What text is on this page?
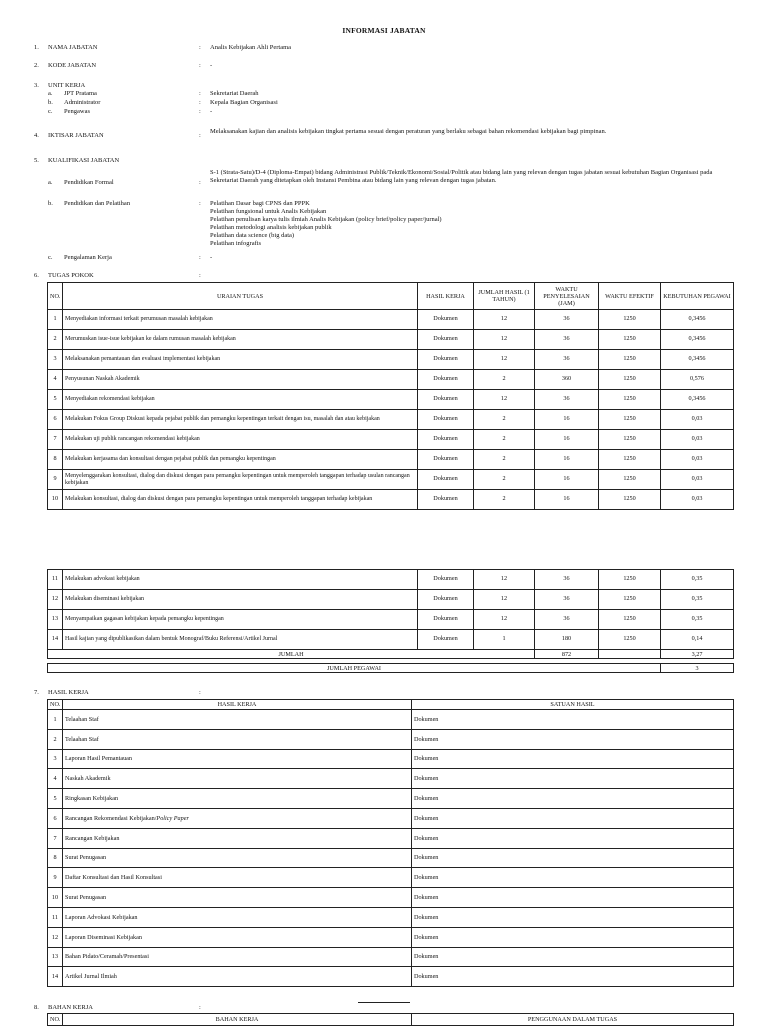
INFORMASI JABATAN
1. NAMA JABATAN	: Analis Kebijakan Ahli Pertama
2. KODE JABATAN	: -
3. UNIT KERJA
a. JPT Pratama	: Sekretariat Daerah
b. Administrator	: Kepala Bagian Organisasi
c. Pengawas	: -
4. IKTISAR JABATAN	:
Melaksanakan kajian dan analisis kebijakan tingkat pertama sesuai dengan peraturan yang berlaku sebagai bahan rekomendasi kebijakan bagi pimpinan.
5. KUALIFIKASI JABATAN
a. Pendidikan Formal	:
S-1 (Strata-Satu)/D-4 (Diploma-Empat) bidang Administrasi Publik/Teknik/Ekonomi/Sosial/Politik atau bidang lain yang relevan dengan tugas jabatan sesuai kebutuhan Bagian Organisasi pada Sekretariat Daerah yang ditetapkan oleh Instansi Pembina atau bidang lain yang relevan dengan tugas jabatan.
b. Pendidikan dan Pelatihan	: Pelatihan Dasar bagi CPNS dan PPPK
Pelatihan fungsional untuk Analis Kebijakan
Pelatihan penulisan karya tulis ilmiah Analis Kebijakan (policy brief/policy paper/jurnal)
Pelatihan metodologi analisis kebijakan publik
Pelatihan data science (big data)
Pelatihan infografis
c. Pengalaman Kerja	: -
6. TUGAS POKOK	:
NO.	URAIAN TUGAS	HASIL KERJA	JUMLAH HASIL (1 TAHUN)	WAKTU PENYELESAIAN (JAM)	WAKTU EFEKTIF	KEBUTUHAN PEGAWAI
1	Menyediakan informasi terkait perumusan masalah kebijakan	Dokumen	12	36	1250	0,3456
2	Merumuskan isue-isue kebijakan ke dalam rumusan masalah kebijakan	Dokumen	12	36	1250	0,3456
3	Melaksanakan pemantauan dan evaluasi implementasi kebijakan	Dokumen	12	36	1250	0,3456
4	Penyusunan Naskah Akademik	Dokumen	2	360	1250	0,576
5	Menyediakan rekomendasi kebijakan	Dokumen	12	36	1250	0,3456
6	Melakukan Fokus Group Diskusi kepada pejabat publik dan pemangku kepentingan terkait dengan isu, masalah dan atau kebijakan	Dokumen	2	16	1250	0,03
7	Melakukan uji publik rancangan rekomendasi kebijakan	Dokumen	2	16	1250	0,03
8	Melakukan kerjasama dan konsultasi dengan pejabat publik dan pemangku kepentingan	Dokumen	2	16	1250	0,03
9	Menyelenggarakan konsultasi, dialog dan diskusi dengan para pemangku kepentingan untuk memperoleh tanggapan terhadap usulan rancangan kebijakan	Dokumen	2	16	1250	0,03
10	Melakukan konsultasi, dialog dan diskusi dengan para pemangku kepentingan untuk memperoleh tanggapan terhadap kebijakan	Dokumen	2	16	1250	0,03
11	Melakukan advokasi kebijakan	Dokumen	12	36	1250	0,35
12	Melakukan diseminasi kebijakan	Dokumen	12	36	1250	0,35
13	Menyampaikan gagasan kebijakan kepada pemangku kepentingan	Dokumen	12	36	1250	0,35
14	Hasil kajian yang dipublikasikan dalam bentuk Monograf/Buku Referensi/Artikel Jurnal	Dokumen	1	180	1250	0,14
JUMLAH				872		3,27
JUMLAH PEGAWAI	3
7. HASIL KERJA	:
NO.	HASIL KERJA	SATUAN HASIL
1	Telaahan Staf	Dokumen
2	Telaahan Staf	Dokumen
3	Laporan Hasil Pemantauan	Dokumen
4	Naskah Akademik	Dokumen
5	Ringkasan Kebijakan	Dokumen
6	Rancangan Rekomendasi Kebijakan/Policy Paper	Dokumen
7	Rancangan Kebijakan	Dokumen
8	Surat Penugasan	Dokumen
9	Daftar Konsultasi dan Hasil Konsultasi	Dokumen
10	Surat Penugasan	Dokumen
11	Laporan Advokasi Kebijakan	Dokumen
12	Laporan Diseminasi Kebijakan	Dokumen
13	Bahan Pidato/Ceramah/Presentasi	Dokumen
14	Artikel Jurnal Ilmiah	Dokumen
8. BAHAN KERJA	:
NO.	BAHAN KERJA	PENGGUNAAN DALAM TUGAS
